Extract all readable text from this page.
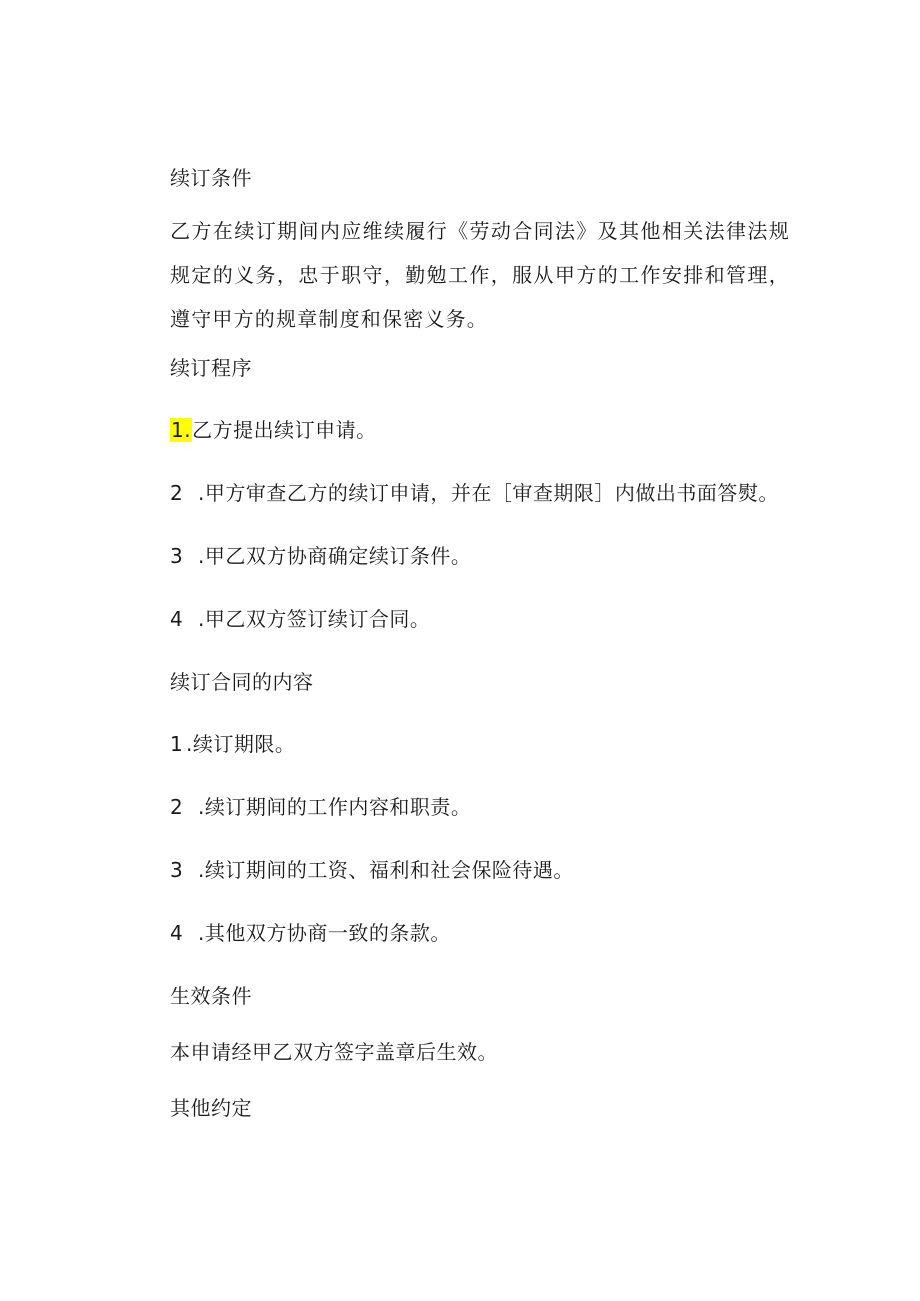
续订条件
乙方在续订期间内应维续履行《劳动合同法》及其他相关法律法规规定的义务，忠于职守，勤勉工作，服从甲方的工作安排和管理，遵守甲方的规章制度和保密义务。
续订程序
1.乙方提出续订申请。
2 .甲方审查乙方的续订申请，并在［审查期限］内做出书面答熨。
3 .甲乙双方协商确定续订条件。
4 .甲乙双方签订续订合同。
续订合同的内容
1 .续订期限。
2 .续订期间的工作内容和职责。
3 .续订期间的工资、福利和社会保险待遇。
4 .其他双方协商一致的条款。
生效条件
本申请经甲乙双方签字盖章后生效。
其他约定
